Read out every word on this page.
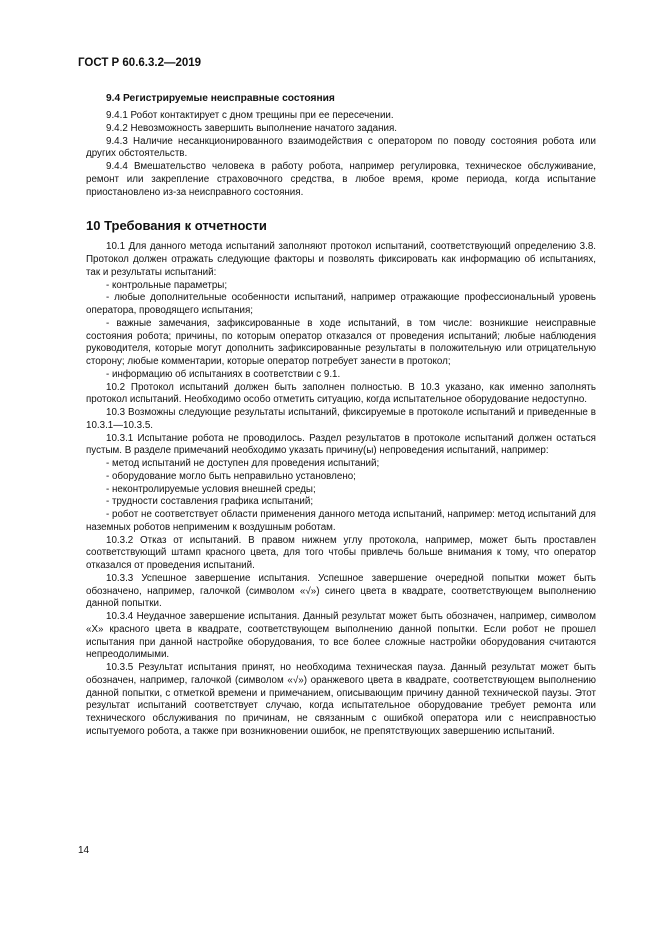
ГОСТ Р 60.6.3.2—2019
9.4 Регистрируемые неисправные состояния

9.4.1 Робот контактирует с дном трещины при ее пересечении.

9.4.2 Невозможность завершить выполнение начатого задания.

9.4.3 Наличие несанкционированного взаимодействия с оператором по поводу состояния робота или других обстоятельств.

9.4.4 Вмешательство человека в работу робота, например регулировка, техническое обслуживание, ремонт или закрепление страховочного средства, в любое время, кроме периода, когда испытание приостановлено из-за неисправного состояния.

10 Требования к отчетности

10.1 Для данного метода испытаний заполняют протокол испытаний, соответствующий определению 3.8. Протокол должен отражать следующие факторы и позволять фиксировать как информацию об испытаниях, так и результаты испытаний:

- контрольные параметры;

- любые дополнительные особенности испытаний, например отражающие профессиональный уровень оператора, проводящего испытания;

- важные замечания, зафиксированные в ходе испытаний, в том числе: возникшие неисправные состояния робота; причины, по которым оператор отказался от проведения испытаний; любые наблюдения руководителя, которые могут дополнить зафиксированные результаты в положительную или отрицательную сторону; любые комментарии, которые оператор потребует занести в протокол;

- информацию об испытаниях в соответствии с 9.1.

10.2 Протокол испытаний должен быть заполнен полностью. В 10.3 указано, как именно заполнять протокол испытаний. Необходимо особо отметить ситуацию, когда испытательное оборудование недоступно.

10.3 Возможны следующие результаты испытаний, фиксируемые в протоколе испытаний и приведенные в 10.3.1—10.3.5.

10.3.1 Испытание робота не проводилось. Раздел результатов в протоколе испытаний должен остаться пустым. В разделе примечаний необходимо указать причину(ы) непроведения испытаний, например:

- метод испытаний не доступен для проведения испытаний;

- оборудование могло быть неправильно установлено;

- неконтролируемые условия внешней среды;

- трудности составления графика испытаний;

- робот не соответствует области применения данного метода испытаний, например: метод испытаний для наземных роботов неприменим к воздушным роботам.

10.3.2 Отказ от испытаний. В правом нижнем углу протокола, например, может быть проставлен соответствующий штамп красного цвета, для того чтобы привлечь больше внимания к тому, что оператор отказался от проведения испытаний.

10.3.3 Успешное завершение испытания. Успешное завершение очередной попытки может быть обозначено, например, галочкой (символом «√») синего цвета в квадрате, соответствующем выполнению данной попытки.

10.3.4 Неудачное завершение испытания. Данный результат может быть обозначен, например, символом «X» красного цвета в квадрате, соответствующем выполнению данной попытки. Если робот не прошел испытания при данной настройке оборудования, то все более сложные настройки оборудования считаются непреодолимыми.

10.3.5 Результат испытания принят, но необходима техническая пауза. Данный результат может быть обозначен, например, галочкой (символом «√») оранжевого цвета в квадрате, соответствующем выполнению данной попытки, с отметкой времени и примечанием, описывающим причину данной технической паузы. Этот результат испытаний соответствует случаю, когда испытательное оборудование требует ремонта или технического обслуживания по причинам, не связанным с ошибкой оператора или с неисправностью испытуемого робота, а также при возникновении ошибок, не препятствующих завершению испытаний.

14
